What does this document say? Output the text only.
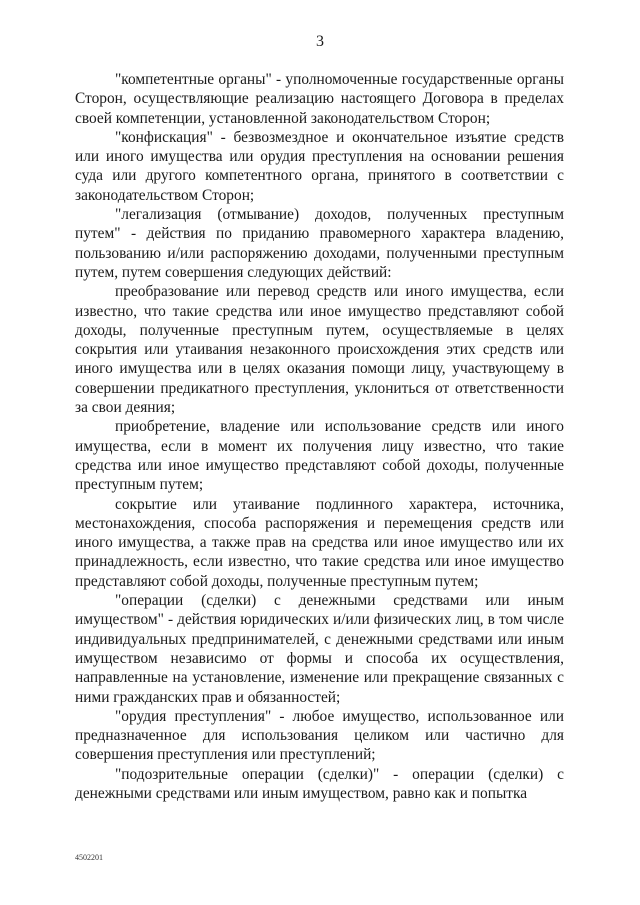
3

"компетентные органы" - уполномоченные государственные органы Сторон, осуществляющие реализацию настоящего Договора в пределах своей компетенции, установленной законодательством Сторон;

"конфискация" - безвозмездное и окончательное изъятие средств или иного имущества или орудия преступления на основании решения суда или другого компетентного органа, принятого в соответствии с законодательством Сторон;

"легализация (отмывание) доходов, полученных преступным путем" - действия по приданию правомерного характера владению, пользованию и/или распоряжению доходами, полученными преступным путем, путем совершения следующих действий:

преобразование или перевод средств или иного имущества, если известно, что такие средства или иное имущество представляют собой доходы, полученные преступным путем, осуществляемые в целях сокрытия или утаивания незаконного происхождения этих средств или иного имущества или в целях оказания помощи лицу, участвующему в совершении предикатного преступления, уклониться от ответственности за свои деяния;

приобретение, владение или использование средств или иного имущества, если в момент их получения лицу известно, что такие средства или иное имущество представляют собой доходы, полученные преступным путем;

сокрытие или утаивание подлинного характера, источника, местонахождения, способа распоряжения и перемещения средств или иного имущества, а также прав на средства или иное имущество или их принадлежность, если известно, что такие средства или иное имущество представляют собой доходы, полученные преступным путем;

"операции (сделки) с денежными средствами или иным имуществом" - действия юридических и/или физических лиц, в том числе индивидуальных предпринимателей, с денежными средствами или иным имуществом независимо от формы и способа их осуществления, направленные на установление, изменение или прекращение связанных с ними гражданских прав и обязанностей;

"орудия преступления" - любое имущество, использованное или предназначенное для использования целиком или частично для совершения преступления или преступлений;

"подозрительные операции (сделки)" - операции (сделки) с денежными средствами или иным имуществом, равно как и попытка

4502201
